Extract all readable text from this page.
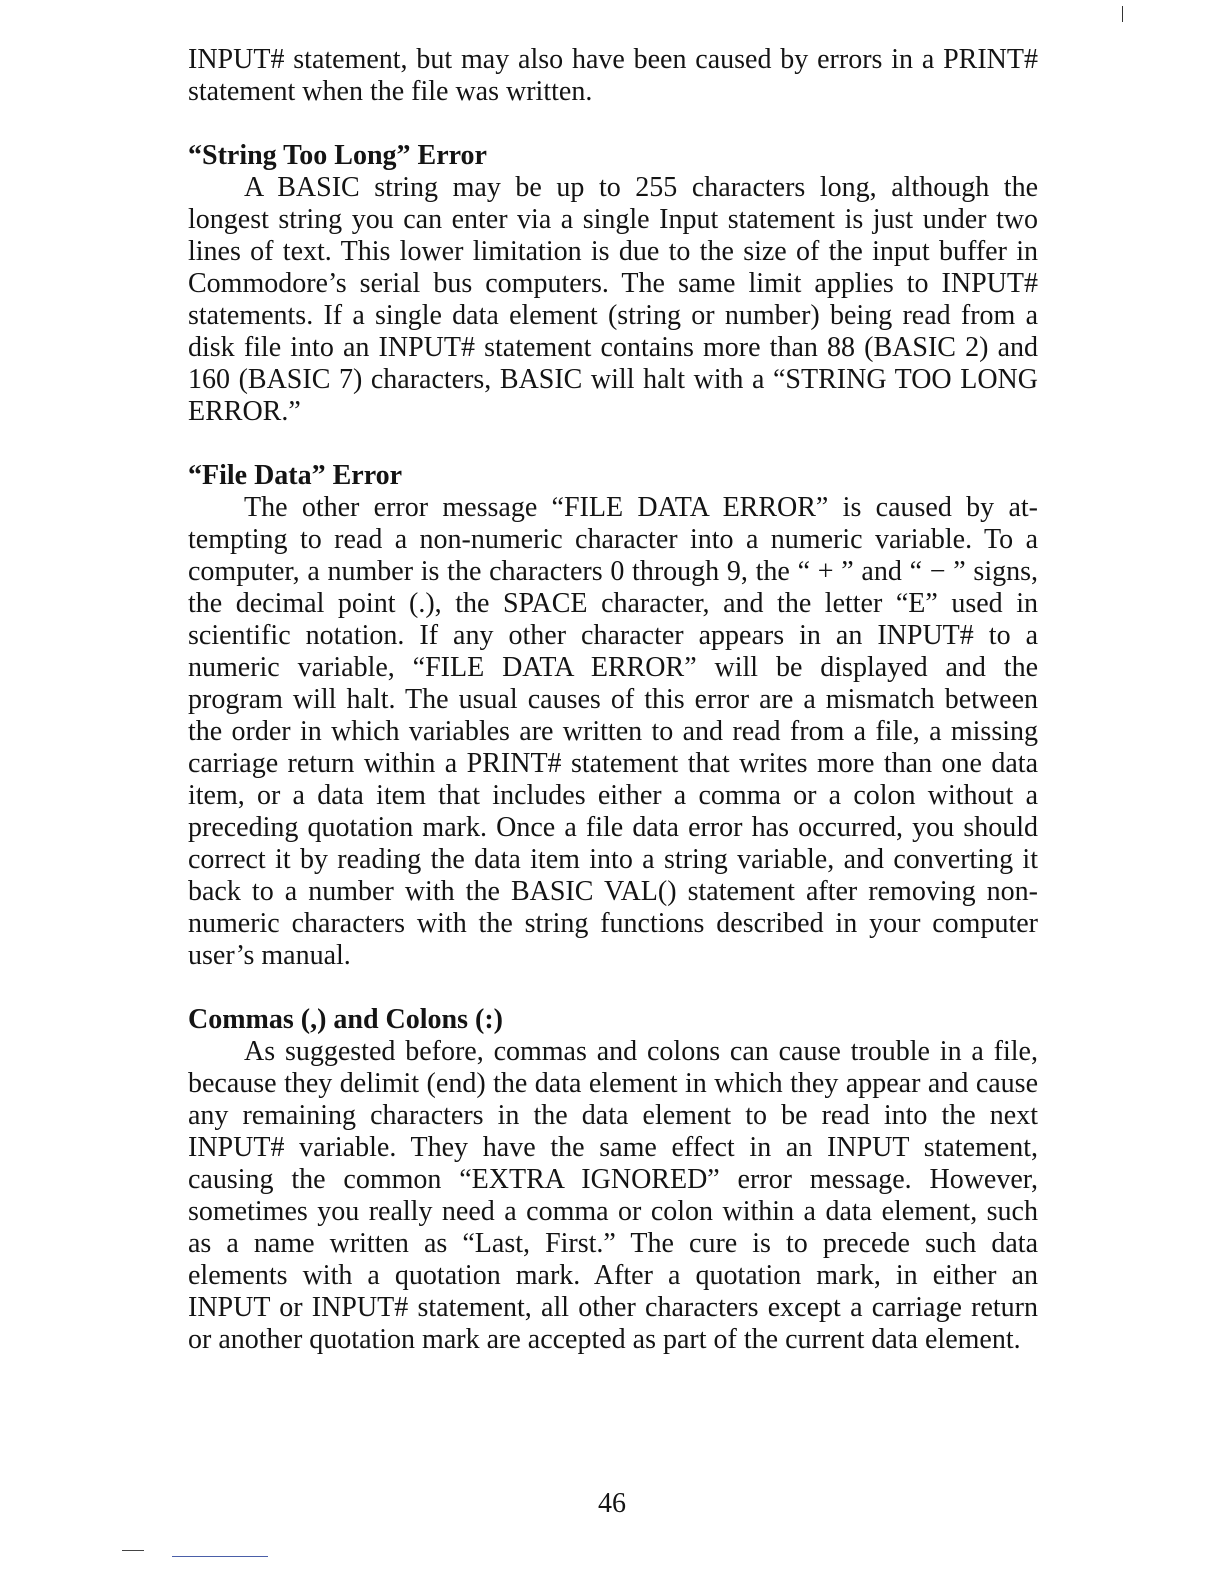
INPUT# statement, but may also have been caused by errors in a PRINT# statement when the file was written.

“String Too Long” Error

A BASIC string may be up to 255 characters long, although the longest string you can enter via a single Input statement is just under two lines of text. This lower limitation is due to the size of the input buffer in Commodore’s serial bus computers. The same limit applies to INPUT# statements. If a single data element (string or number) being read from a disk file into an INPUT# statement contains more than 88 (BASIC 2) and 160 (BASIC 7) characters, BASIC will halt with a “STRING TOO LONG ERROR.”

“File Data” Error

The other error message “FILE DATA ERROR” is caused by attempting to read a non-numeric character into a numeric variable. To a computer, a number is the characters 0 through 9, the “ + ” and “ − ” signs, the decimal point (.), the SPACE character, and the letter “E” used in scientific notation. If any other character appears in an INPUT# to a numeric variable, “FILE DATA ERROR” will be displayed and the program will halt. The usual causes of this error are a mismatch between the order in which variables are written to and read from a file, a missing carriage return within a PRINT# statement that writes more than one data item, or a data item that includes either a comma or a colon without a preceding quotation mark. Once a file data error has occurred, you should correct it by reading the data item into a string variable, and converting it back to a number with the BASIC VAL() statement after removing non-numeric characters with the string functions described in your computer user’s manual.

Commas (,) and Colons (:)

As suggested before, commas and colons can cause trouble in a file, because they delimit (end) the data element in which they appear and cause any remaining characters in the data element to be read into the next INPUT# variable. They have the same effect in an INPUT statement, causing the common “EXTRA IGNORED” error message. However, sometimes you really need a comma or colon within a data element, such as a name written as “Last, First.” The cure is to precede such data elements with a quotation mark. After a quotation mark, in either an INPUT or INPUT# statement, all other characters except a carriage return or another quotation mark are accepted as part of the current data element.

46
